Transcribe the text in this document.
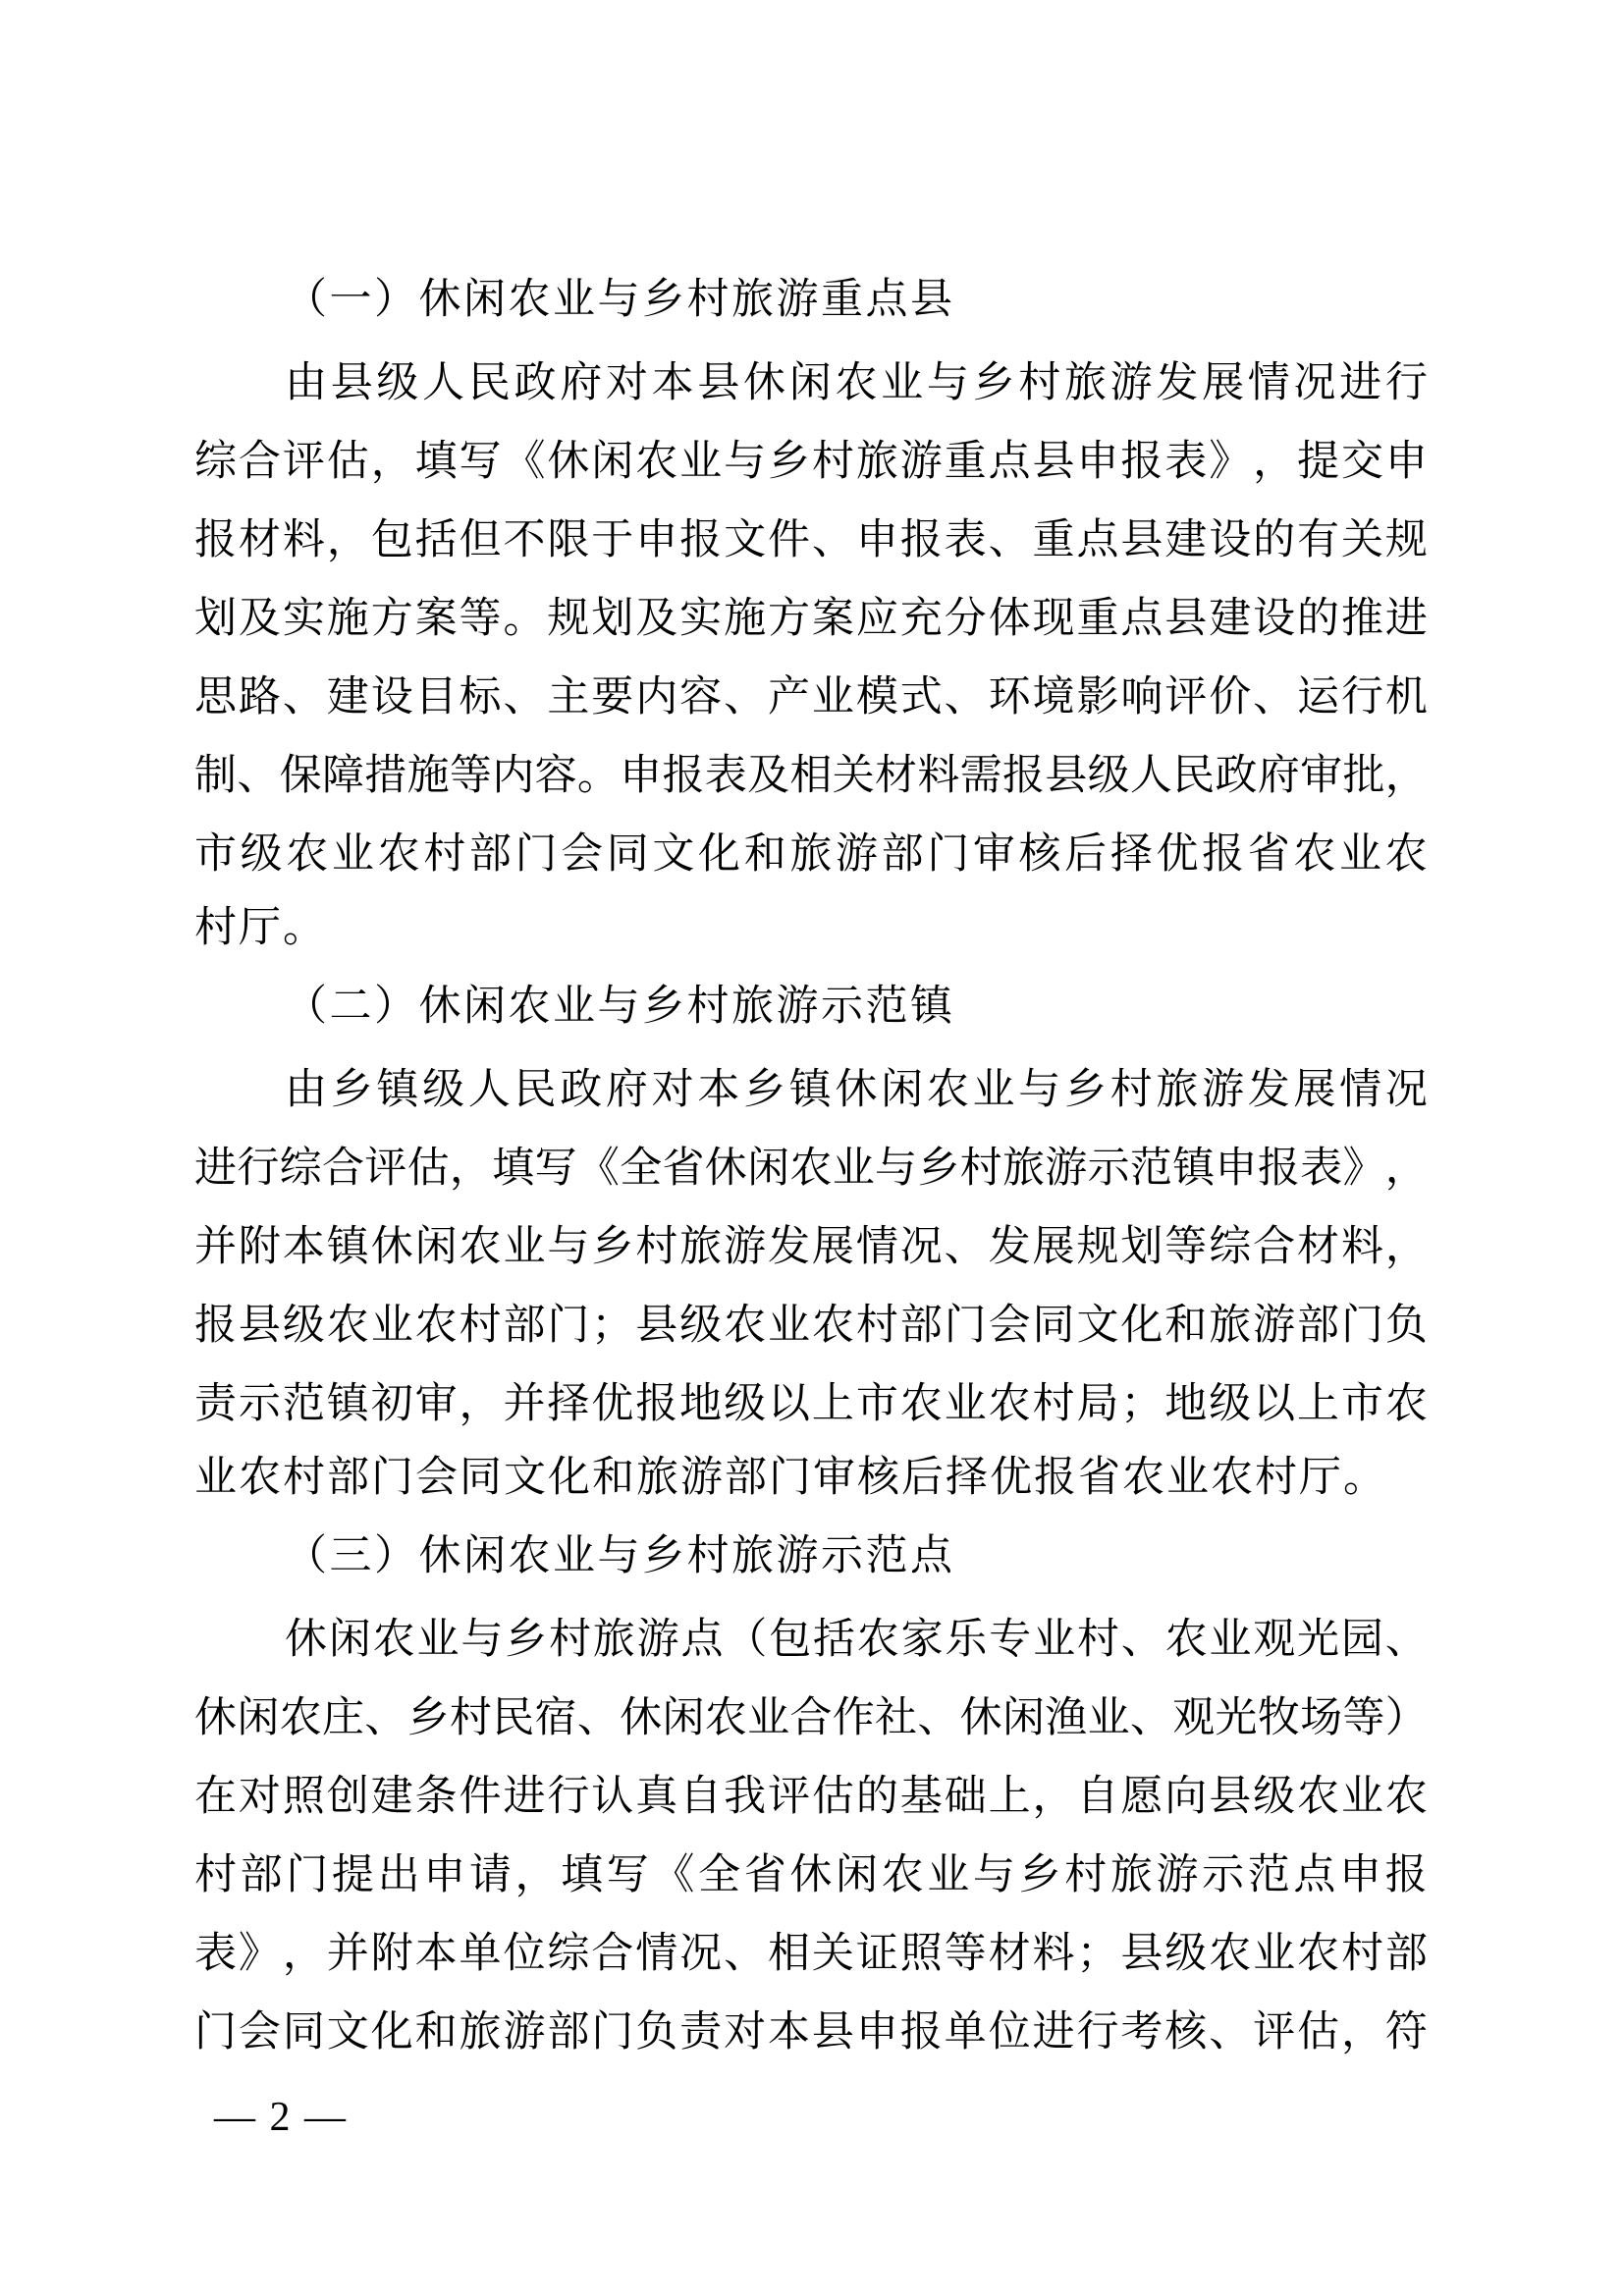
（一）休闲农业与乡村旅游重点县
由 县 级 人 民 政 府 对 本 县 休 闲 农 业 与 乡 村 旅 游 发 展 情 况 进 行
综 合 评 估 ， 填 写 《 休 闲 农 业 与 乡 村 旅 游 重 点 县 申 报 表 》 ， 提 交 申
报 材 料 ， 包 括 但 不 限 于 申 报 文 件 、 申 报 表 、 重 点 县 建 设 的 有 关 规
划 及 实 施 方 案 等 。 规 划 及 实 施 方 案 应 充 分 体 现 重 点 县 建 设 的 推 进
思 路 、 建 设 目 标 、 主 要 内 容 、 产 业 模 式 、 环 境 影 响 评 价 、 运 行 机
制 、 保 障 措 施 等 内 容 。 申 报 表 及 相 关 材 料 需 报 县 级 人 民 政 府 审 批 ，
市 级 农 业 农 村 部 门 会 同 文 化 和 旅 游 部 门 审 核 后 择 优 报 省 农 业 农
村厅。
（二）休闲农业与乡村旅游示范镇
由 乡 镇 级 人 民 政 府 对 本 乡 镇 休 闲 农 业 与 乡 村 旅 游 发 展 情 况
进 行 综 合 评 估 ， 填 写 《 全 省 休 闲 农 业 与 乡 村 旅 游 示 范 镇 申 报 表 》 ，
并 附 本 镇 休 闲 农 业 与 乡 村 旅 游 发 展 情 况 、 发 展 规 划 等 综 合 材 料 ，
报 县 级 农 业 农 村 部 门 ； 县 级 农 业 农 村 部 门 会 同 文 化 和 旅 游 部 门 负
责 示 范 镇 初 审 ， 并 择 优 报 地 级 以 上 市 农 业 农 村 局 ； 地 级 以 上 市 农
业农村部门会同文化和旅游部门审核后择优报省农业农村厅。
（三）休闲农业与乡村旅游示范点
休 闲 农 业 与 乡 村 旅 游 点 （ 包 括 农 家 乐 专 业 村 、 农 业 观 光 园 、
休 闲 农 庄 、 乡 村 民 宿 、 休 闲 农 业 合 作 社 、 休 闲 渔 业 、 观 光 牧 场 等 ）
在 对 照 创 建 条 件 进 行 认 真 自 我 评 估 的 基 础 上 ， 自 愿 向 县 级 农 业 农
村 部 门 提 出 申 请 ， 填 写 《 全 省 休 闲 农 业 与 乡 村 旅 游 示 范 点 申 报
表 》 ， 并 附 本 单 位 综 合 情 况 、 相 关 证 照 等 材 料 ； 县 级 农 业 农 村 部
门 会 同 文 化 和 旅 游 部 门 负 责 对 本 县 申 报 单 位 进 行 考 核 、 评 估 ， 符
— 2 —
